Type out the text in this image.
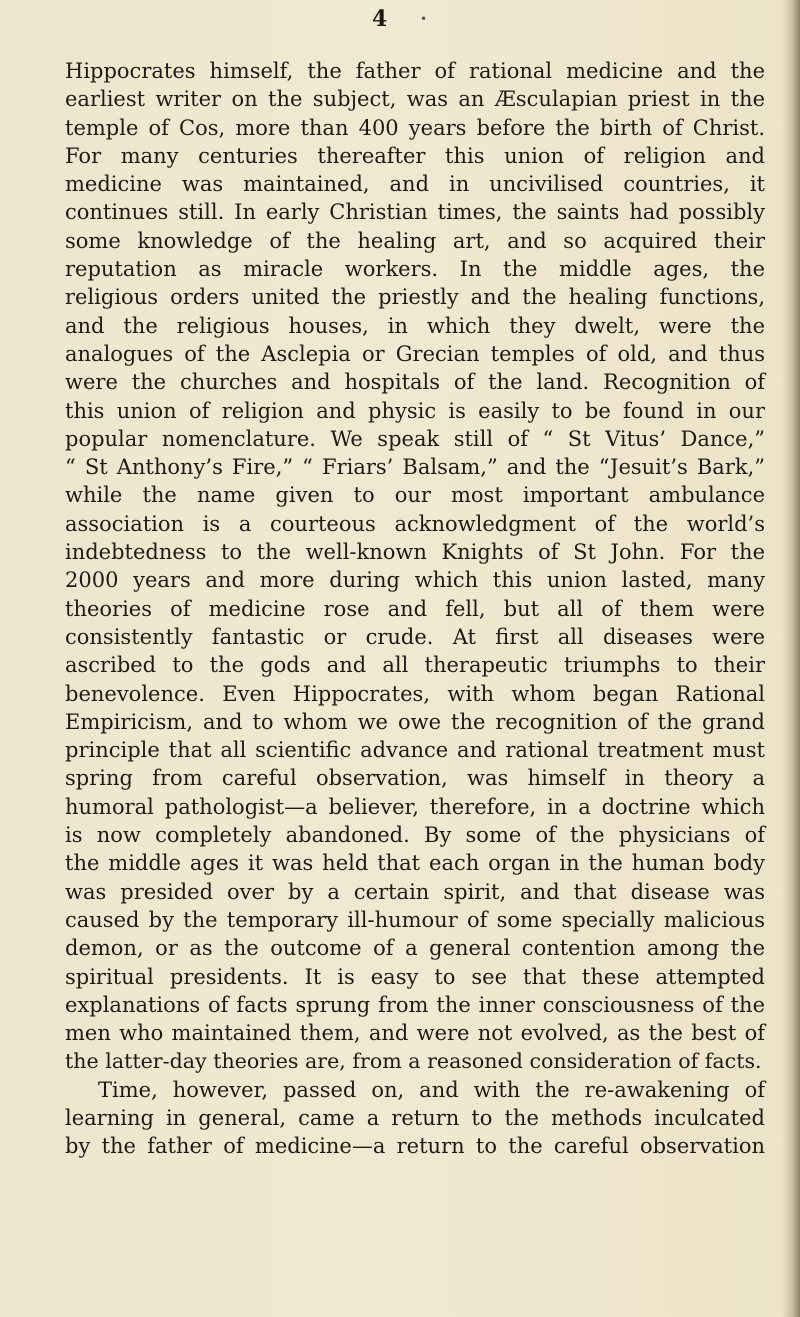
4	•
Hippocrates himself, the father of rational medicine and the
earliest writer on the subject, was an Æsculapian priest in the
temple of Cos, more than 400 years before the birth of Christ.
For many centuries thereafter this union of religion and
medicine was maintained, and in uncivilised countries, it
continues still. In early Christian times, the saints had possibly
some knowledge of the healing art, and so acquired their
reputation as miracle workers. In the middle ages, the
religious orders united the priestly and the healing functions,
and the religious houses, in which they dwelt, were the
analogues of the Asclepia or Grecian temples of old, and thus
were the churches and hospitals of the land. Recognition of
this union of religion and physic is easily to be found in our
popular nomenclature. We speak still of “ St Vitus’ Dance,”
“ St Anthony’s Fire,” “ Friars’ Balsam,” and the “Jesuit’s Bark,”
while the name given to our most important ambulance
association is a courteous acknowledgment of the world’s
indebtedness to the well-known Knights of St John. For the
2000 years and more during which this union lasted, many
theories of medicine rose and fell, but all of them were
consistently fantastic or crude. At first all diseases were
ascribed to the gods and all therapeutic triumphs to their
benevolence. Even Hippocrates, with whom began Rational
Empiricism, and to whom we owe the recognition of the grand
principle that all scientific advance and rational treatment must
spring from careful observation, was himself in theory a
humoral pathologist—a believer, therefore, in a doctrine which
is now completely abandoned. By some of the physicians of
the middle ages it was held that each organ in the human body
was presided over by a certain spirit, and that disease was
caused by the temporary ill-humour of some specially malicious
demon, or as the outcome of a general contention among the
spiritual presidents. It is easy to see that these attempted
explanations of facts sprung from the inner consciousness of the
men who maintained them, and were not evolved, as the best of
the latter-day theories are, from a reasoned consideration of facts.
Time, however, passed on, and with the re-awakening of
learning in general, came a return to the methods inculcated
by the father of medicine—a return to the careful observation
